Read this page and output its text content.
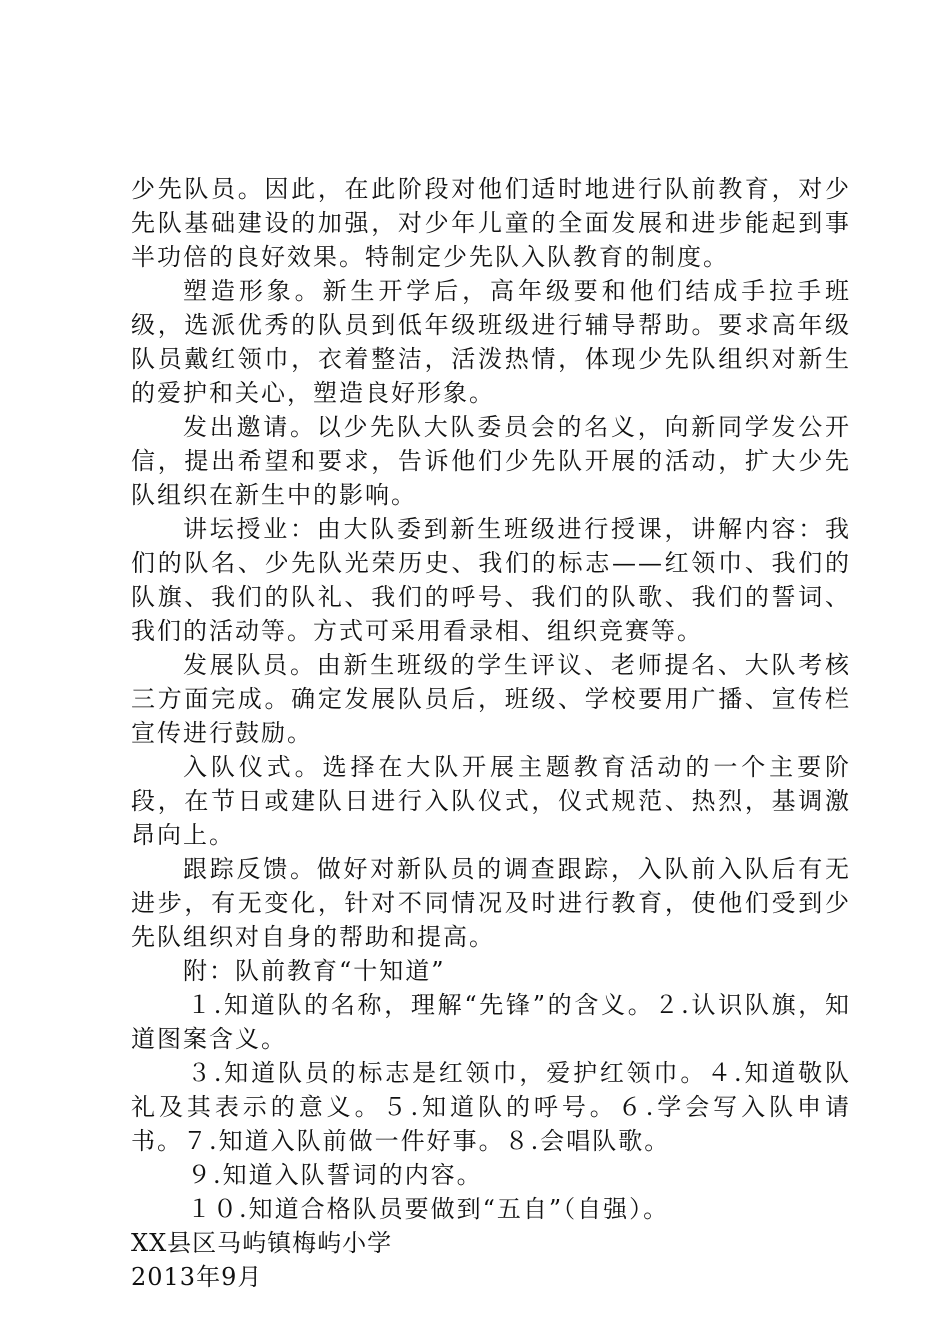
少先队员。因此，在此阶段对他们适时地进行队前教育，对少先队基础建设的加强，对少年儿童的全面发展和进步能起到事半功倍的良好效果。特制定少先队入队教育的制度。

塑造形象。新生开学后，高年级要和他们结成手拉手班级，选派优秀的队员到低年级班级进行辅导帮助。要求高年级队员戴红领巾，衣着整洁，活泼热情，体现少先队组织对新生的爱护和关心，塑造良好形象。

发出邀请。以少先队大队委员会的名义，向新同学发公开信，提出希望和要求，告诉他们少先队开展的活动，扩大少先队组织在新生中的影响。

讲坛授业：由大队委到新生班级进行授课，讲解内容：我们的队名、少先队光荣历史、我们的标志——红领巾、我们的队旗、我们的队礼、我们的呼号、我们的队歌、我们的誓词、我们的活动等。方式可采用看录相、组织竞赛等。

发展队员。由新生班级的学生评议、老师提名、大队考核三方面完成。确定发展队员后，班级、学校要用广播、宣传栏宣传进行鼓励。

入队仪式。选择在大队开展主题教育活动的一个主要阶段，在节日或建队日进行入队仪式，仪式规范、热烈，基调激昂向上。

跟踪反馈。做好对新队员的调查跟踪，入队前入队后有无进步，有无变化，针对不同情况及时进行教育，使他们受到少先队组织对自身的帮助和提高。

附：队前教育“十知道”

１.知道队的名称，理解“先锋”的含义。２.认识队旗，知道图案含义。

３.知道队员的标志是红领巾，爱护红领巾。４.知道敬队礼及其表示的意义。５.知道队的呼号。６.学会写入队申请书。７.知道入队前做一件好事。８.会唱队歌。

９.知道入队誓词的内容。

１０.知道合格队员要做到“五自”（自强）。

XX县区马屿镇梅屿小学

2013年9月
